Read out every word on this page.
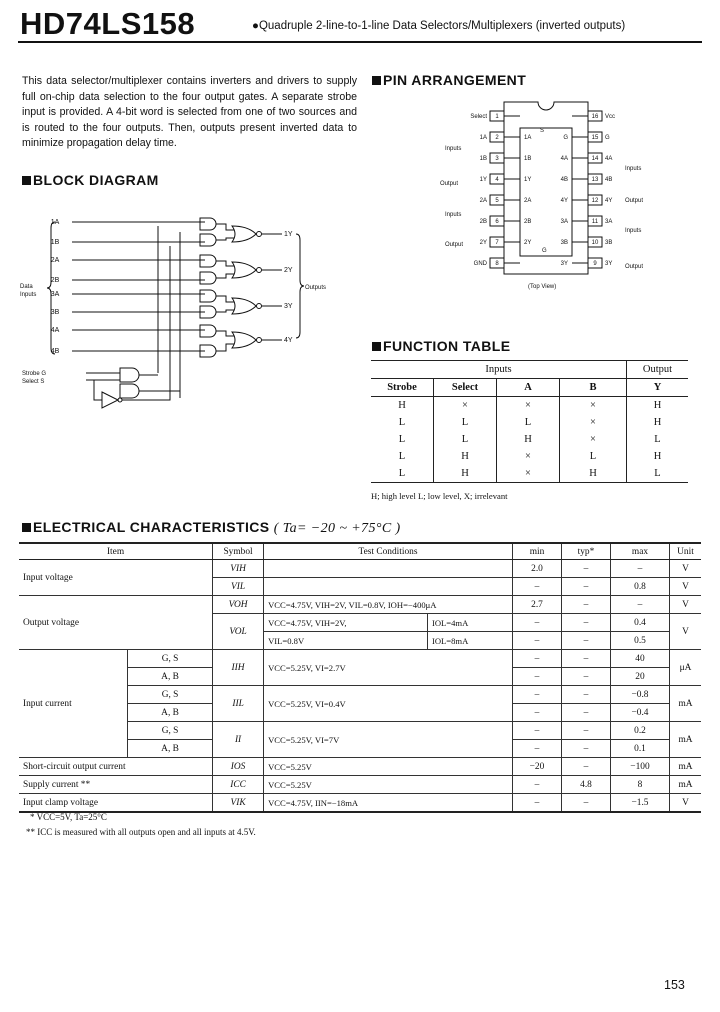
HD74LS158	●Quadruple 2-line-to-1-line Data Selectors/Multiplexers (inverted outputs)
This data selector/multiplexer contains inverters and drivers to supply full on-chip data selection to the four output gates. A separate strobe input is provided. A 4-bit word is selected from one of two sources and is routed to the four outputs. Then, outputs present inverted data to minimize propagation delay time.
BLOCK DIAGRAM
1A
1B
2A
2B
3A
3B
4A
4B
1Y
2Y
3Y
4Y
Data
Inputs
Outputs
Strobe G
Select S
PIN ARRANGEMENT
1
Select
2
1A	1A
3
1B	1B
4
1Y	1Y
5
2A	2A
6
2B	2B
7
2Y	2Y
8
GND
16 Vcc
15 G
G
14 4A
4A
13 4B
4B
12 4Y
4Y
11 3A
3A
10 3B
3B
9 3Y
3Y
Inputs
Output
Inputs
Output
Inputs
Output
Inputs
Output
S
G
(Top View)
FUNCTION TABLE
Inputs				Output
Strobe	Select	A	B	Y
H	×	×	×	H
L	L	L	×	H
L	L	H	×	L
L	H	×	L	H
L	H	×	H	L
H; high level L; low level, X; irrelevant
ELECTRICAL CHARACTERISTICS ( Ta= −20 ~ +75°C )
Item		Symbol	Test Conditions		min	typ*	max	Unit
Input voltage		VIH			2.0	–	–	V
		VIL			–	–	0.8	V
Output voltage		VOH	VCC=4.75V, VIH=2V, VIL=0.8V, IOH=−400μA		2.7	–	–	V
		VOL	VCC=4.75V, VIH=2V,	IOL=4mA	–	–	0.4	V
			VIL=0.8V	IOL=8mA	–	–	0.5	
Input current	G, S	IIH	VCC=5.25V, VI=2.7V		–	–	40	μA
	A, B				–	–	20	
	G, S	IIL	VCC=5.25V, VI=0.4V		–	–	−0.8	mA
	A, B				–	–	−0.4	
	G, S	II	VCC=5.25V, VI=7V		–	–	0.2	mA
	A, B				–	–	0.1	
Short-circuit output current		IOS	VCC=5.25V		−20	–	−100	mA
Supply current **		ICC	VCC=5.25V		–	4.8	8	mA
Input clamp voltage		VIK	VCC=4.75V, IIN=−18mA		–	–	−1.5	V
* VCC=5V, Ta=25°C
** ICC is measured with all outputs open and all inputs at 4.5V.
153
